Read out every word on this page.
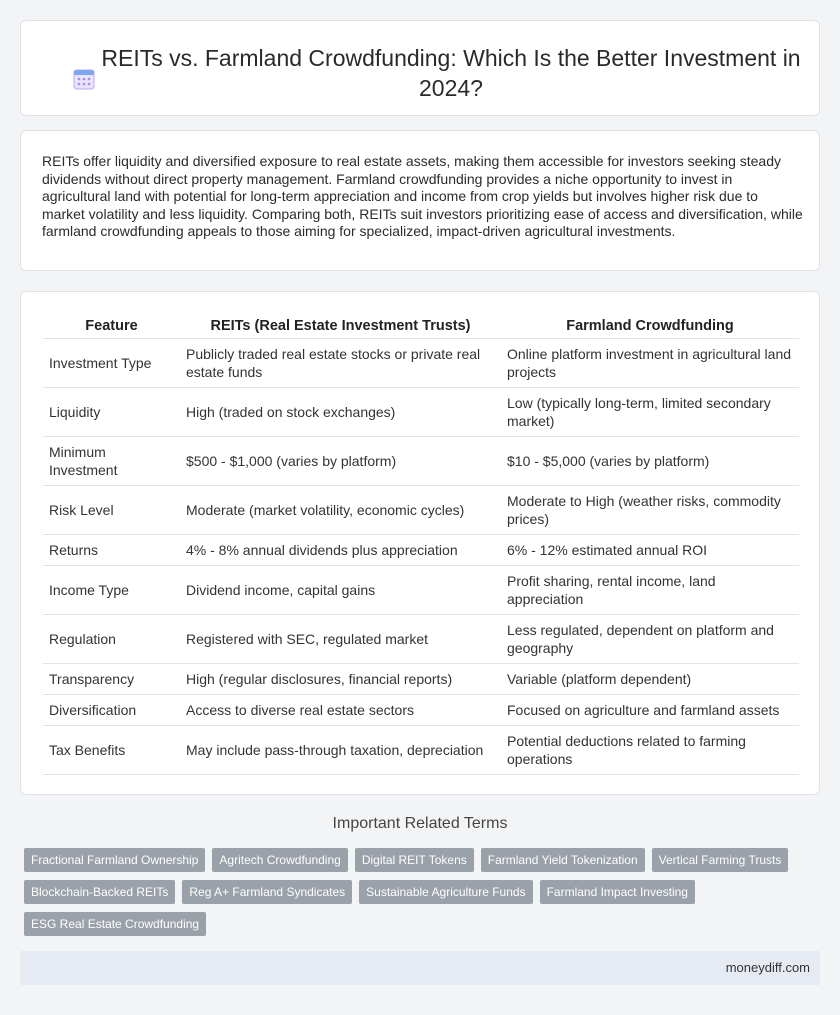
REITs vs. Farmland Crowdfunding: Which Is the Better Investment in 2024?

REITs offer liquidity and diversified exposure to real estate assets, making them accessible for investors seeking steady dividends without direct property management. Farmland crowdfunding provides a niche opportunity to invest in agricultural land with potential for long-term appreciation and income from crop yields but involves higher risk due to market volatility and less liquidity. Comparing both, REITs suit investors prioritizing ease of access and diversification, while farmland crowdfunding appeals to those aiming for specialized, impact-driven agricultural investments.

Feature	REITs (Real Estate Investment Trusts)	Farmland Crowdfunding
Investment Type	Publicly traded real estate stocks or private real estate funds	Online platform investment in agricultural land projects
Liquidity	High (traded on stock exchanges)	Low (typically long-term, limited secondary market)
Minimum Investment	$500 - $1,000 (varies by platform)	$10 - $5,000 (varies by platform)
Risk Level	Moderate (market volatility, economic cycles)	Moderate to High (weather risks, commodity prices)
Returns	4% - 8% annual dividends plus appreciation	6% - 12% estimated annual ROI
Income Type	Dividend income, capital gains	Profit sharing, rental income, land appreciation
Regulation	Registered with SEC, regulated market	Less regulated, dependent on platform and geography
Transparency	High (regular disclosures, financial reports)	Variable (platform dependent)
Diversification	Access to diverse real estate sectors	Focused on agriculture and farmland assets
Tax Benefits	May include pass-through taxation, depreciation	Potential deductions related to farming operations
Important Related Terms
Fractional Farmland Ownership	Agritech Crowdfunding	Digital REIT Tokens	Farmland Yield Tokenization	Vertical Farming Trusts
Blockchain-Backed REITs	Reg A+ Farmland Syndicates	Sustainable Agriculture Funds	Farmland Impact Investing
ESG Real Estate Crowdfunding
moneydiff.com
